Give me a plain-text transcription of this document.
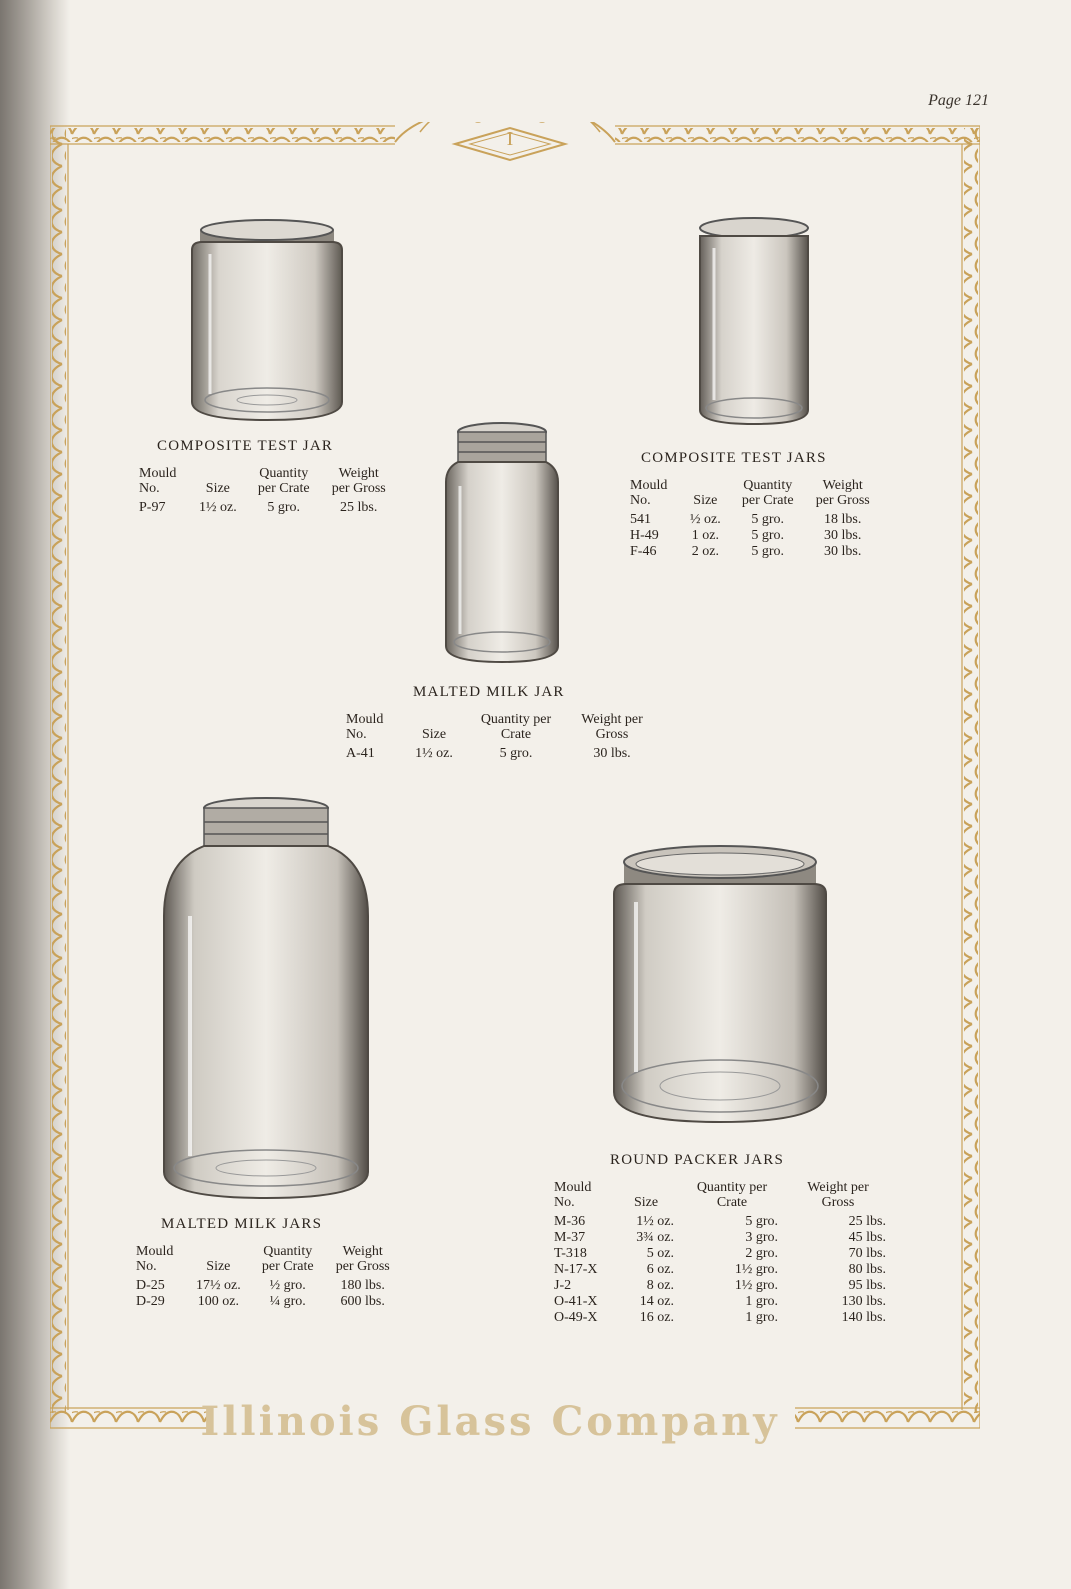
Page 121
I
COMPOSITE TEST JAR
Mould No.	Size	Quantity per Crate	Weight per Gross
P-97	1½ oz.	5 gro.	25 lbs.
COMPOSITE TEST JARS
Mould No.	Size	Quantity per Crate	Weight per Gross
541	½ oz.	5 gro.	18 lbs.
H-49	1 oz.	5 gro.	30 lbs.
F-46	2 oz.	5 gro.	30 lbs.
MALTED MILK JAR
Mould No.	Size	Quantity per Crate	Weight per Gross
A-41	1½ oz.	5 gro.	30 lbs.
MALTED MILK JARS
Mould No.	Size	Quantity per Crate	Weight per Gross
D-25	17½ oz.	½ gro.	180 lbs.
D-29	100 oz.	¼ gro.	600 lbs.
ROUND PACKER JARS
Mould No.	Size	Quantity per Crate	Weight per Gross
M-36	1½ oz.	5 gro.	25 lbs.
M-37	3¾ oz.	3 gro.	45 lbs.
T-318	5 oz.	2 gro.	70 lbs.
N-17-X	6 oz.	1½ gro.	80 lbs.
J-2	8 oz.	1½ gro.	95 lbs.
O-41-X	14 oz.	1 gro.	130 lbs.
O-49-X	16 oz.	1 gro.	140 lbs.
Illinois Glass Company
